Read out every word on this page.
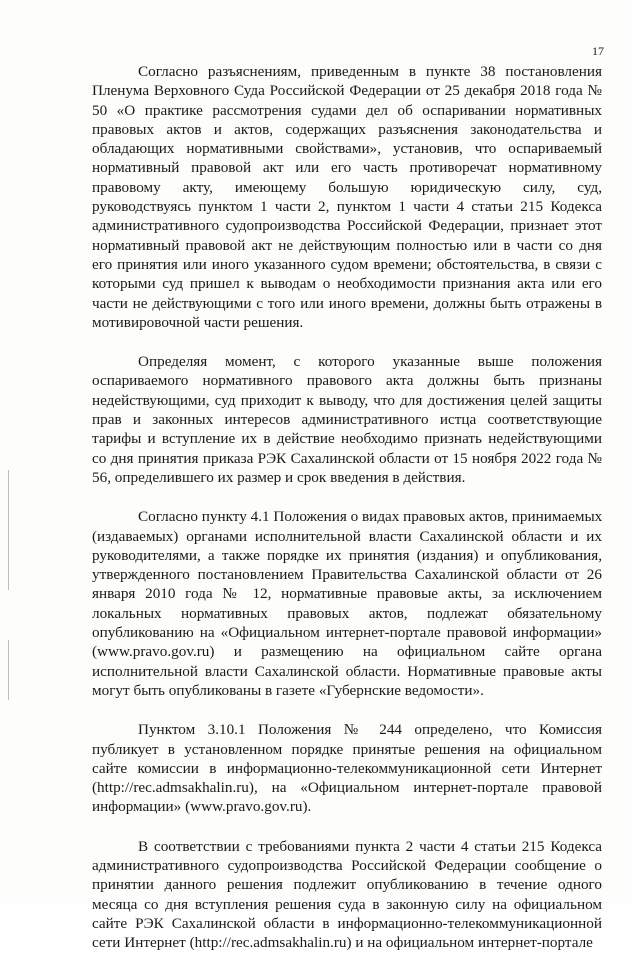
17
Согласно разъяснениям, приведенным в пункте 38 постановления
Пленума Верховного Суда Российской Федерации от 25 декабря 2018 года №
50 «О практике рассмотрения судами дел об оспаривании нормативных
правовых актов и актов, содержащих разъяснения законодательства и
обладающих нормативными свойствами», установив, что оспариваемый
нормативный правовой акт или его часть противоречат нормативному
правовому акту, имеющему большую юридическую силу, суд,
руководствуясь пунктом 1 части 2, пунктом 1 части 4 статьи 215 Кодекса
административного судопроизводства Российской Федерации, признает этот
нормативный правовой акт не действующим полностью или в части со дня
его принятия или иного указанного судом времени; обстоятельства, в связи с
которыми суд пришел к выводам о необходимости признания акта или его
части не действующими с того или иного времени, должны быть отражены в
мотивировочной части решения.
Определяя момент, с которого указанные выше положения
оспариваемого нормативного правового акта должны быть признаны
недействующими, суд приходит к выводу, что для достижения целей защиты
прав и законных интересов административного истца соответствующие
тарифы и вступление их в действие необходимо признать недействующими
со дня принятия приказа РЭК Сахалинской области от 15 ноября 2022 года №
56, определившего их размер и срок введения в действия.
Согласно пункту 4.1 Положения о видах правовых актов, принимаемых
(издаваемых) органами исполнительной власти Сахалинской области и их
руководителями, а также порядке их принятия (издания) и опубликования,
утвержденного постановлением Правительства Сахалинской области от 26
января 2010 года № 12, нормативные правовые акты, за исключением
локальных нормативных правовых актов, подлежат обязательному
опубликованию на «Официальном интернет-портале правовой информации»
(www.pravo.gov.ru) и размещению на официальном сайте органа
исполнительной власти Сахалинской области. Нормативные правовые акты
могут быть опубликованы в газете «Губернские ведомости».
Пунктом 3.10.1 Положения № 244 определено, что Комиссия
публикует в установленном порядке принятые решения на официальном
сайте комиссии в информационно-телекоммуникационной сети Интернет
(http://rec.admsakhalin.ru), на «Официальном интернет-портале правовой
информации» (www.pravo.gov.ru).
В соответствии с требованиями пункта 2 части 4 статьи 215 Кодекса
административного судопроизводства Российской Федерации сообщение о
принятии данного решения подлежит опубликованию в течение одного
месяца со дня вступления решения суда в законную силу на официальном
сайте РЭК Сахалинской области в информационно-телекоммуникационной
сети Интернет (http://rec.admsakhalin.ru) и на официальном интернет-портале
